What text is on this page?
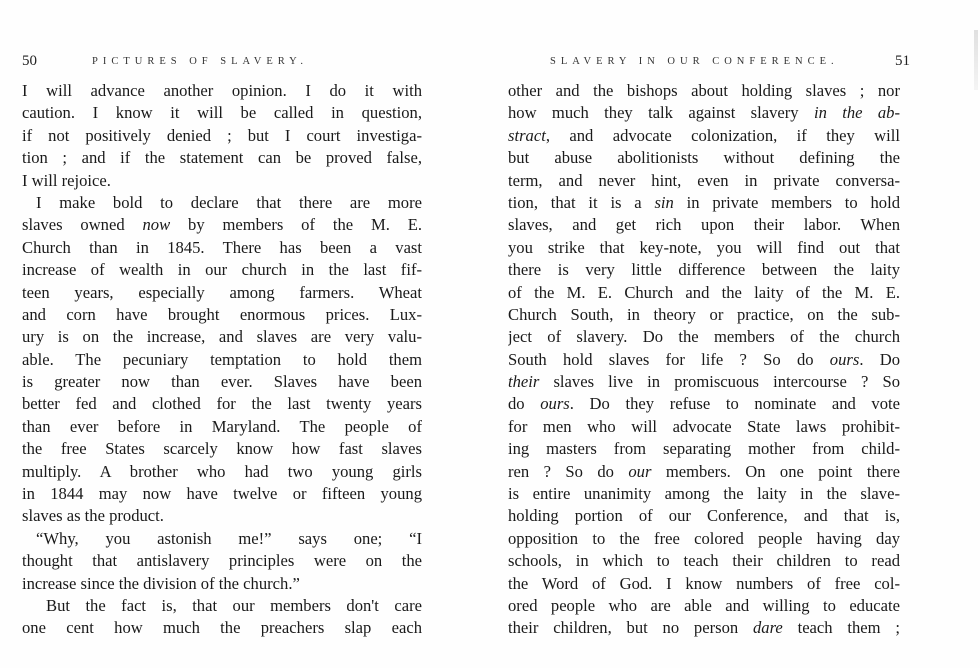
50	PICTURES OF SLAVERY.
I will advance another opinion. I do it with
caution. I know it will be called in question,
if not positively denied ; but I court investiga-
tion ; and if the statement can be proved false,
I will rejoice.
I make bold to declare that there are more
slaves owned now by members of the M. E.
Church than in 1845. There has been a vast
increase of wealth in our church in the last fif-
teen years, especially among farmers. Wheat
and corn have brought enormous prices. Lux-
ury is on the increase, and slaves are very valu-
able. The pecuniary temptation to hold them
is greater now than ever. Slaves have been
better fed and clothed for the last twenty years
than ever before in Maryland. The people of
the free States scarcely know how fast slaves
multiply. A brother who had two young girls
in 1844 may now have twelve or fifteen young
slaves as the product.
“Why, you astonish me!” says one; “I
thought that antislavery principles were on the
increase since the division of the church.”
But the fact is, that our members don't care
one cent how much the preachers slap each
SLAVERY IN OUR CONFERENCE.	51
other and the bishops about holding slaves ; nor
how much they talk against slavery in the ab-
stract, and advocate colonization, if they will
but abuse abolitionists without defining the
term, and never hint, even in private conversa-
tion, that it is a sin in private members to hold
slaves, and get rich upon their labor. When
you strike that key-note, you will find out that
there is very little difference between the laity
of the M. E. Church and the laity of the M. E.
Church South, in theory or practice, on the sub-
ject of slavery. Do the members of the church
South hold slaves for life ? So do ours. Do
their slaves live in promiscuous intercourse ? So
do ours. Do they refuse to nominate and vote
for men who will advocate State laws prohibit-
ing masters from separating mother from child-
ren ? So do our members. On one point there
is entire unanimity among the laity in the slave-
holding portion of our Conference, and that is,
opposition to the free colored people having day
schools, in which to teach their children to read
the Word of God. I know numbers of free col-
ored people who are able and willing to educate
their children, but no person dare teach them ;
